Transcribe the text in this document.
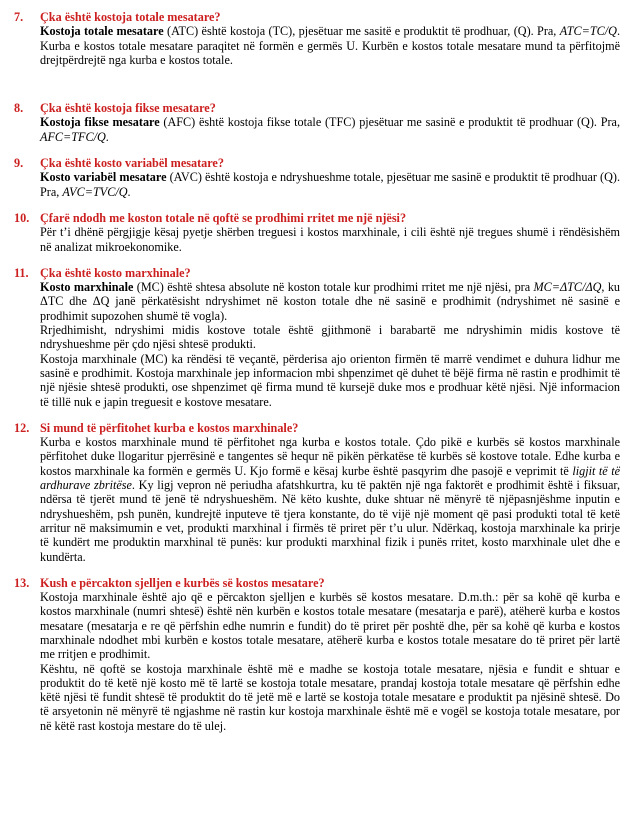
7.	Çka është kostoja totale mesatare?

Kostoja totale mesatare (ATC) është kostoja (TC), pjesëtuar me sasitë e produktit të prodhuar, (Q). Pra, ATC=TC/Q. Kurba e kostos totale mesatare paraqitet në formën e germës U. Kurbën e kostos totale mesatare mund ta përfitojmë drejtpërdrejtë nga kurba e kostos totale.

8.	Çka është kostoja fikse mesatare?

Kostoja fikse mesatare (AFC) është kostoja fikse totale (TFC) pjesëtuar me sasinë e produktit të prodhuar (Q). Pra, AFC=TFC/Q.

9.	Çka është kosto variabël mesatare?

Kosto variabël mesatare (AVC) është kostoja e ndryshueshme totale, pjesëtuar me sasinë e produktit të prodhuar (Q). Pra, AVC=TVC/Q.

10. Çfarë ndodh me koston totale në qoftë se prodhimi rritet me një njësi?

Për t’i dhënë përgjigje kësaj pyetje shërben treguesi i kostos marxhinale, i cili është një tregues shumë i rëndësishëm në analizat mikroekonomike.

11. Çka është kosto marxhinale?

Kosto marxhinale (MC) është shtesa absolute në koston totale kur prodhimi rritet me një njësi, pra MC=ΔTC/ΔQ, ku ΔTC dhe ΔQ janë përkatësisht ndryshimet në koston totale dhe në sasinë e prodhimit (ndryshimet në sasinë e prodhimit supozohen shumë të vogla).

Rrjedhimisht, ndryshimi midis kostove totale është gjithmonë i barabartë me ndryshimin midis kostove të ndryshueshme për çdo njësi shtesë produkti.

Kostoja marxhinale (MC) ka rëndësi të veçantë, përderisa ajo orienton firmën të marrë vendimet e duhura lidhur me sasinë e prodhimit. Kostoja marxhinale jep informacion mbi shpenzimet që duhet të bëjë firma në rastin e prodhimit të një njësie shtesë produkti, ose shpenzimet që firma mund të kursejë duke mos e prodhuar këtë njësi. Një informacion të tillë nuk e japin treguesit e kostove mesatare.

12. Si mund të përfitohet kurba e kostos marxhinale?

Kurba e kostos marxhinale mund të përfitohet nga kurba e kostos totale. Çdo pikë e kurbës së kostos marxhinale përfitohet duke llogaritur pjerrësinë e tangentes së hequr në pikën përkatëse të kurbës së kostove totale. Edhe kurba e kostos marxhinale ka formën e germës U. Kjo formë e kësaj kurbe është pasqyrim dhe pasojë e veprimit të ligjit të të ardhurave zbritëse. Ky ligj vepron në periudha afatshkurtra, ku të paktën një nga faktorët e prodhimit është i fiksuar, ndërsa të tjerët mund të jenë të ndryshueshëm. Në këto kushte, duke shtuar në mënyrë të njëpasnjëshme inputin e ndryshueshëm, psh punën, kundrejtë inputeve të tjera konstante, do të vijë një moment që pasi produkti total të ketë arritur në maksimumin e vet, produkti marxhinal i firmës të priret për t’u ulur. Ndërkaq, kostoja marxhinale ka prirje të kundërt me produktin marxhinal të punës: kur produkti marxhinal fizik i punës rritet, kosto marxhinale ulet dhe e kundërta.

13. Kush e përcakton sjelljen e kurbës së kostos mesatare?

Kostoja marxhinale është ajo që e përcakton sjelljen e kurbës së kostos mesatare. D.m.th.: për sa kohë që kurba e kostos marxhinale (numri shtesë) është nën kurbën e kostos totale mesatare (mesatarja e parë), atëherë kurba e kostos mesatare (mesatarja e re që përfshin edhe numrin e fundit) do të priret për poshtë dhe, për sa kohë që kurba e kostos marxhinale ndodhet mbi kurbën e kostos totale mesatare, atëherë kurba e kostos totale mesatare do të priret për lartë me rritjen e prodhimit.

Kështu, në qoftë se kostoja marxhinale është më e madhe se kostoja totale mesatare, njësia e fundit e shtuar e produktit do të ketë një kosto më të lartë se kostoja totale mesatare, prandaj kostoja totale mesatare që përfshin edhe këtë njësi të fundit shtesë të produktit do të jetë më e lartë se kostoja totale mesatare e produktit pa njësinë shtesë. Do të arsyetonin në mënyrë të ngjashme në rastin kur kostoja marxhinale është më e vogël se kostoja totale mesatare, por në këtë rast kostoja mestare do të ulej.
